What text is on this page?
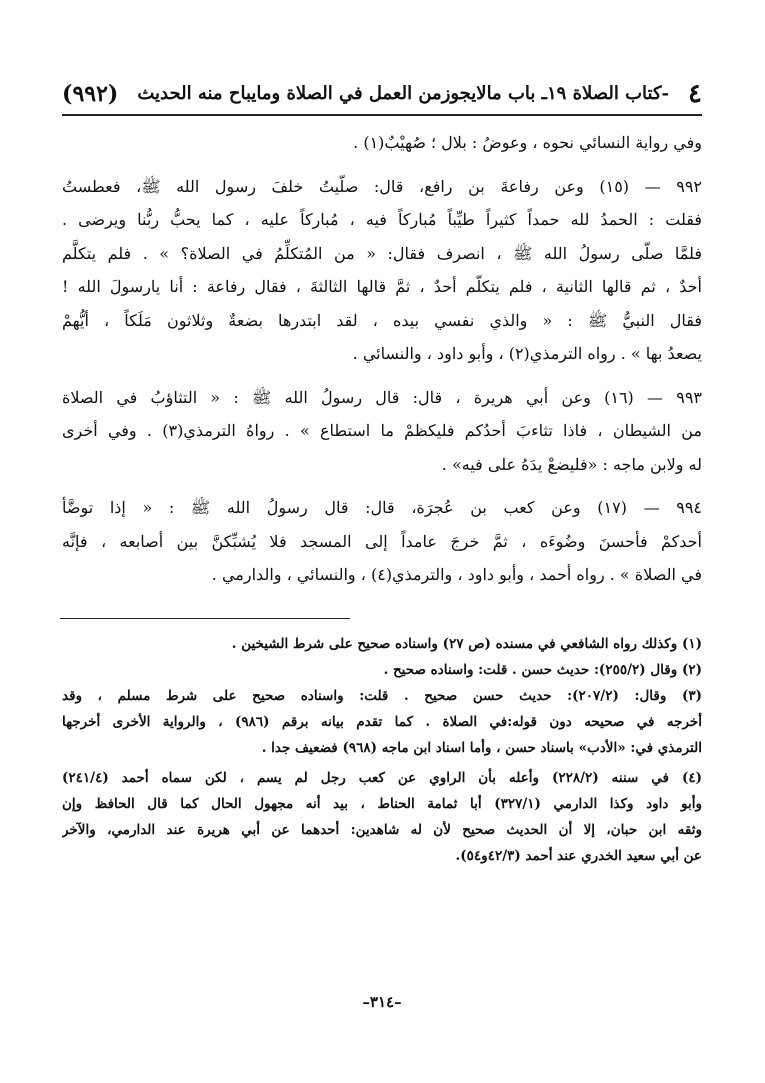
٤
-كتاب الصلاة ١٩ـ باب مالايجوزمن العمل في الصلاة ومايباح منه الحديث
(٩٩٢)
وفي رواية النسائي نحوه ، وعوضُ : بلال ؛ صُهيْبٌ‏(١) .
٩٩٢ — (١٥) وعن رفاعةَ بن رافع، قال: صلّيتُ خلفَ رسول الله ﷺ، فعطستُ
فقلت : الحمدُ لله حمداً كثيراً طيِّباً مُباركاً فيه ، مُباركاً عليه ، كما يحبُّ ربُّنا ويرضى .
فلمَّا صلّى رسولُ الله ﷺ ، انصرف فقال: « من المُتكلِّمُ في الصلاة؟ » . فلم يتكلَّم
أحدٌ ، ثم قالها الثانية ، فلم يتكلّم أحدٌ ، ثمَّ قالها الثالثةَ ، فقال رفاعة : أنا يارسولَ الله !
فقال النبيُّ ﷺ : « والذي نفسي بيده ، لقد ابتدرها بضعةٌ وثلاثون مَلَكاً ، أيُّهمْ
يصعدُ بها » . رواه الترمذي(٢) ، وأبو داود ، والنسائي .
٩٩٣ — (١٦) وعن أبي هريرة ، قال: قال رسولُ الله ﷺ : « التثاؤبُ في الصلاة
من الشيطان ، فاذا تثاءبَ أحدُكم فليكظمْ ما استطاع » . رواهُ الترمذي(٣) . وفي أخرى
له ولابن ماجه : «فليضعْ يدَهُ على فيه» .
٩٩٤ — (١٧) وعن كعب بن عُجرَة، قال: قال رسولُ الله ﷺ : « إذا توضَّأ
أحدكمْ فأحسنَ وضُوءَه ، ثمَّ خرجَ عامداً إلى المسجد فلا يُشبِّكنَّ بين أصابعه ، فإنَّه
في الصلاة » . رواه أحمد ، وأبو داود ، والترمذي(٤) ، والنسائي ، والدارمي .
(١) وكذلك رواه الشافعي في مسنده (ص ٢٧) واسناده صحيح على شرط الشيخين .
(٢) وقال (٢٥٥/٢): حديث حسن . قلت: واسناده صحيح .
(٣) وقال: (٢٠٧/٢): حديث حسن صحيح . قلت: واسناده صحيح على شرط مسلم ، وقد
أخرجه في صحيحه دون قوله:في الصلاة . كما تقدم بيانه برقم (٩٨٦) ، والرواية الأخرى أخرجها
الترمذي في: «الأدب» باسناد حسن ، وأما اسناد ابن ماجه (٩٦٨) فضعيف جدا .
(٤) في سننه (٢٢٨/٢) وأعله بأن الراوي عن كعب رجل لم يسم ، لكن سماه أحمد (٢٤١/٤)
وأبو داود وكذا الدارمي (٣٢٧/١) أبا ثمامة الحناط ، بيد أنه مجهول الحال كما قال الحافظ وإن
وثقه ابن حبان، إلا أن الحديث صحيح لأن له شاهدين: أحدهما عن أبي هريرة عند الدارمي، والآخر
عن أبي سعيد الخدري عند أحمد (٤٢/٣و٥٤).
–٣١٤–
